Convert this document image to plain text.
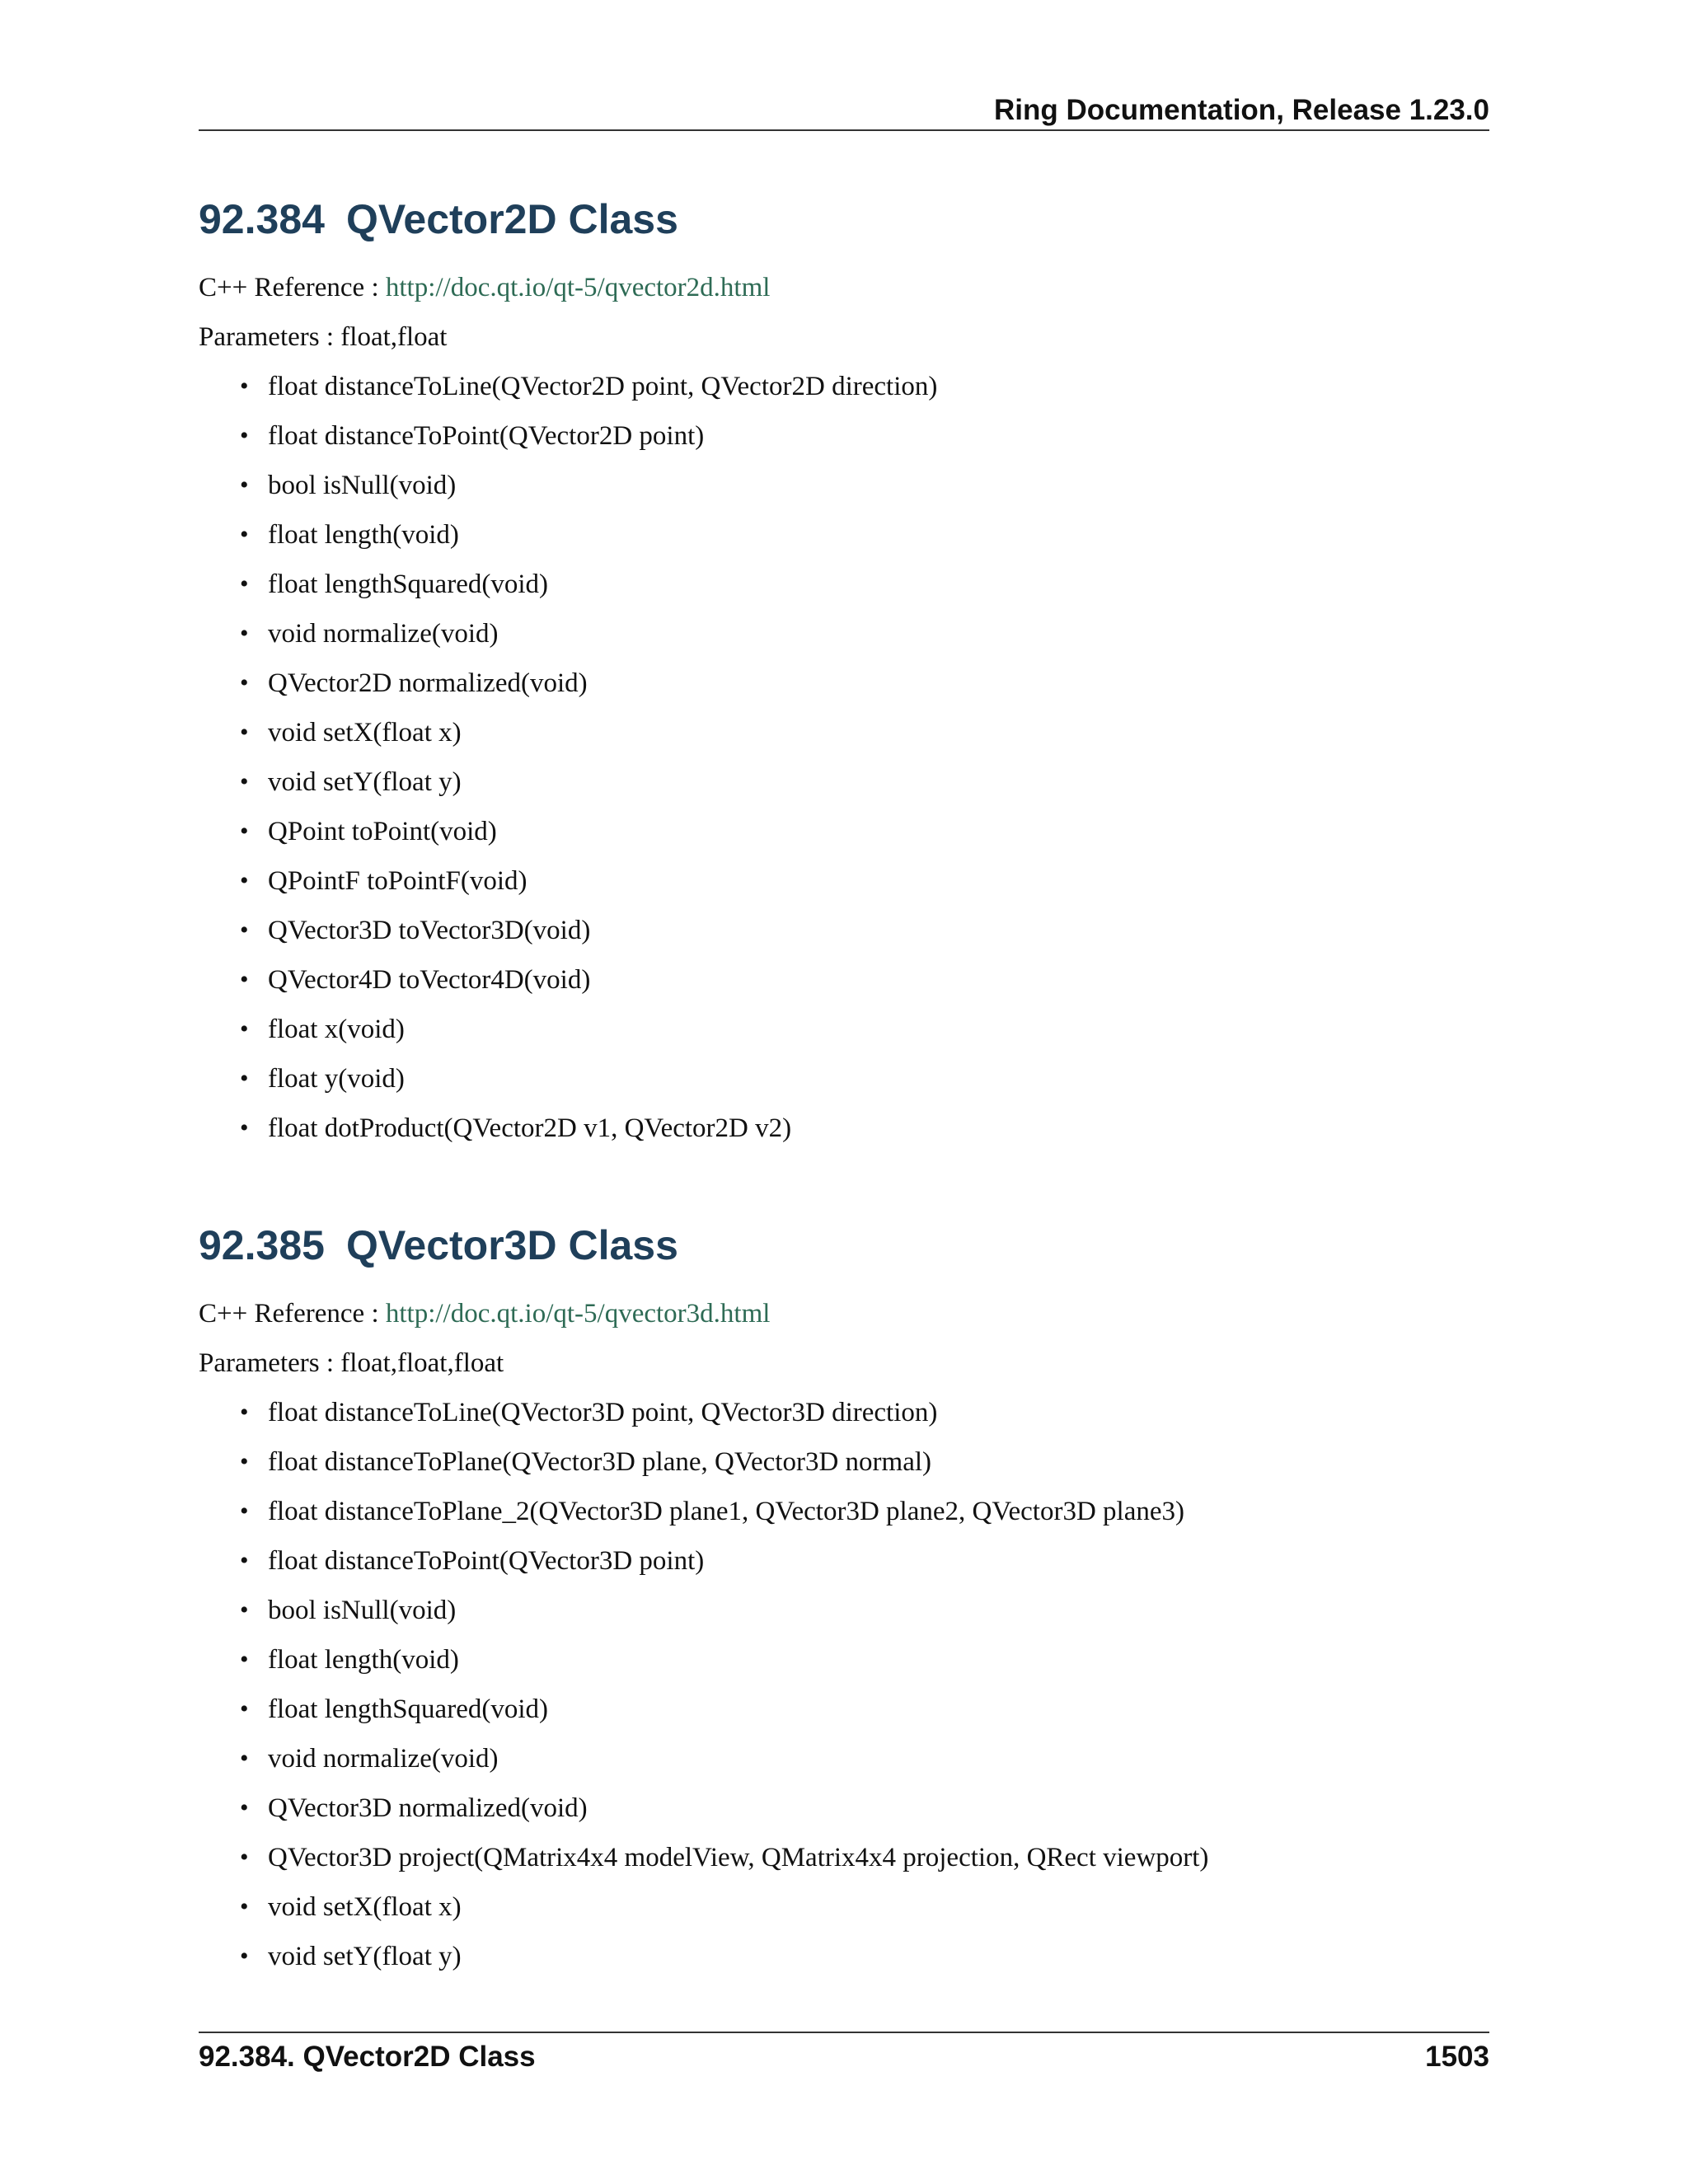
Ring Documentation, Release 1.23.0
92.384 QVector2D Class

C++ Reference : http://doc.qt.io/qt-5/qvector2d.html

Parameters : float,float

• float distanceToLine(QVector2D point, QVector2D direction)
• float distanceToPoint(QVector2D point)
• bool isNull(void)
• float length(void)
• float lengthSquared(void)
• void normalize(void)
• QVector2D normalized(void)
• void setX(float x)
• void setY(float y)
• QPoint toPoint(void)
• QPointF toPointF(void)
• QVector3D toVector3D(void)
• QVector4D toVector4D(void)
• float x(void)
• float y(void)
• float dotProduct(QVector2D v1, QVector2D v2)
92.385 QVector3D Class

C++ Reference : http://doc.qt.io/qt-5/qvector3d.html

Parameters : float,float,float

• float distanceToLine(QVector3D point, QVector3D direction)
• float distanceToPlane(QVector3D plane, QVector3D normal)
• float distanceToPlane_2(QVector3D plane1, QVector3D plane2, QVector3D plane3)
• float distanceToPoint(QVector3D point)
• bool isNull(void)
• float length(void)
• float lengthSquared(void)
• void normalize(void)
• QVector3D normalized(void)
• QVector3D project(QMatrix4x4 modelView, QMatrix4x4 projection, QRect viewport)
• void setX(float x)
• void setY(float y)
92.384. QVector2D Class	1503
